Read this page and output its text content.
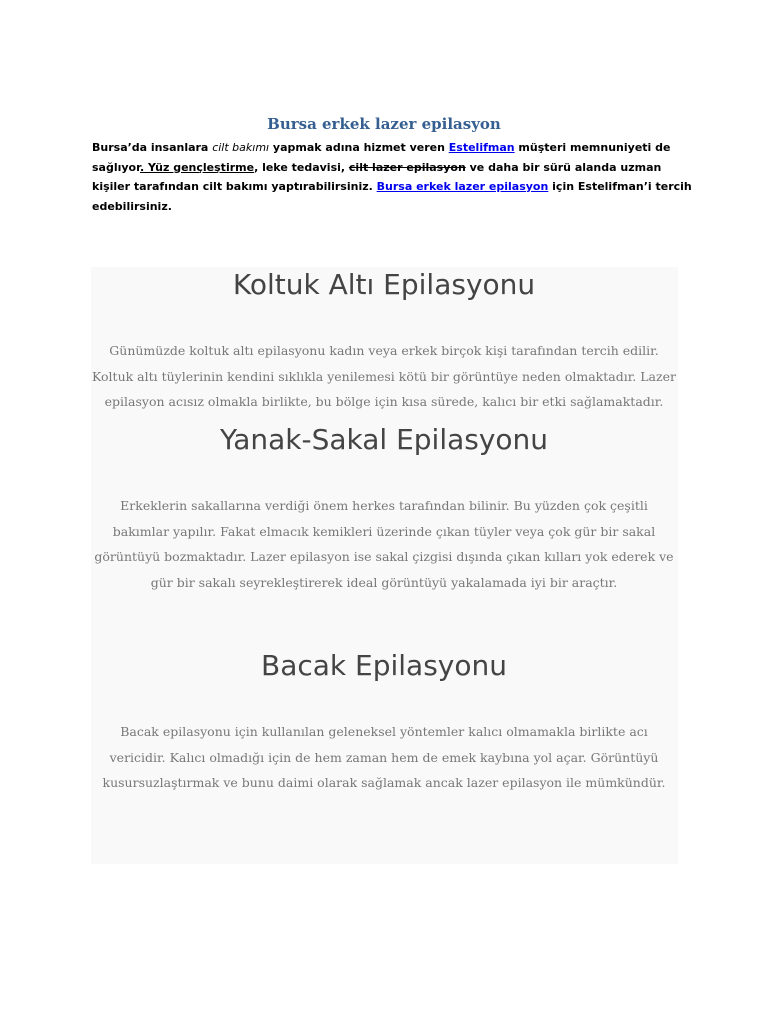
Bursa erkek lazer epilasyon
Bursa’da insanlara cilt bakımı yapmak adına hizmet veren Estelifman müşteri memnuniyeti de sağlıyor. Yüz gençleştirme, leke tedavisi, cilt lazer epilasyon ve daha bir sürü alanda uzman kişiler tarafından cilt bakımı yaptırabilirsiniz. Bursa erkek lazer epilasyon için Estelifman’i tercih edebilirsiniz.
Koltuk Altı Epilasyonu
Günümüzde koltuk altı epilasyonu kadın veya erkek birçok kişi tarafından tercih edilir. Koltuk altı tüylerinin kendini sıklıkla yenilemesi kötü bir görüntüye neden olmaktadır. Lazer epilasyon acısız olmakla birlikte, bu bölge için kısa sürede, kalıcı bir etki sağlamaktadır.
Yanak-Sakal Epilasyonu
Erkeklerin sakallarına verdiği önem herkes tarafından bilinir. Bu yüzden çok çeşitli bakımlar yapılır. Fakat elmacık kemikleri üzerinde çıkan tüyler veya çok gür bir sakal görüntüyü bozmaktadır. Lazer epilasyon ise sakal çizgisi dışında çıkan kılları yok ederek ve gür bir sakalı seyrekleştirerek ideal görüntüyü yakalamada iyi bir araçtır.
Bacak Epilasyonu
Bacak epilasyonu için kullanılan geleneksel yöntemler kalıcı olmamakla birlikte acı vericidir. Kalıcı olmadığı için de hem zaman hem de emek kaybına yol açar. Görüntüyü kusursuzlaştırmak ve bunu daimi olarak sağlamak ancak lazer epilasyon ile mümkündür.
